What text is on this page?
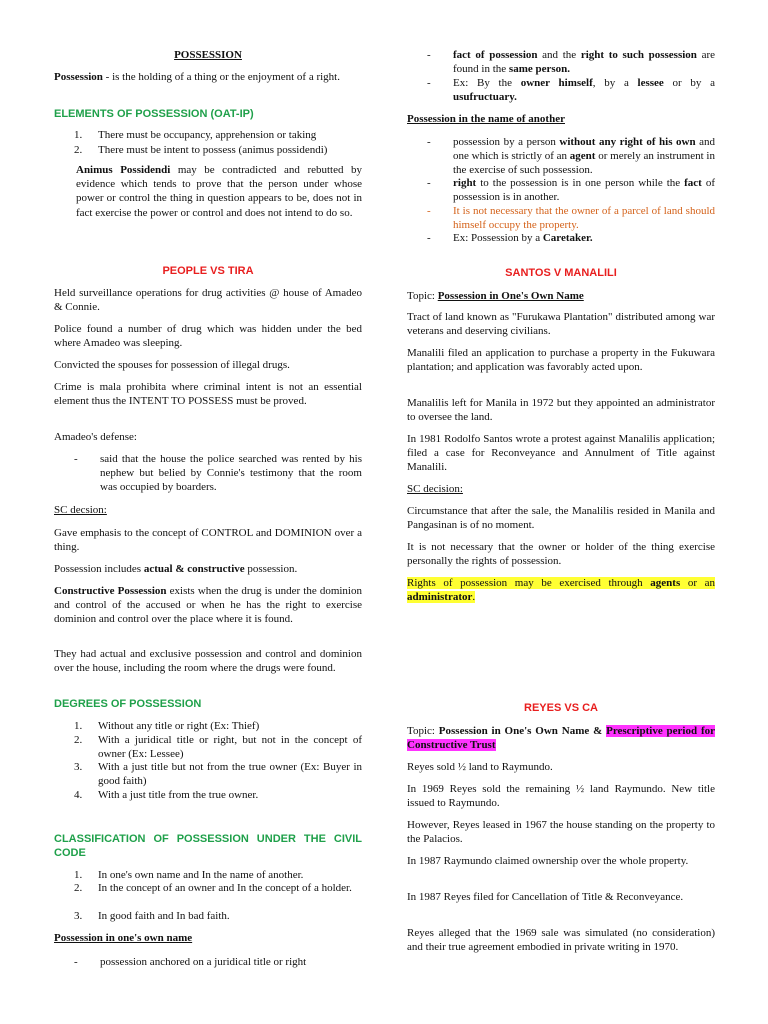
POSSESSION

Possession - is the holding of a thing or the enjoyment of a right.

ELEMENTS OF POSSESSION (OAT-IP)
1. There must be occupancy, apprehension or taking
2. There must be intent to possess (animus possidendi)

Animus Possidendi may be contradicted and rebutted by evidence which tends to prove that the person under whose power or control the thing in question appears to be, does not in fact exercise the power or control and does not intend to do so.

PEOPLE VS TIRA

Held surveillance operations for drug activities @ house of Amadeo & Connie.

Police found a number of drug which was hidden under the bed where Amadeo was sleeping.

Convicted the spouses for possession of illegal drugs.

Crime is mala prohibita where criminal intent is not an essential element thus the INTENT TO POSSESS must be proved.

Amadeo's defense:

- said that the house the police searched was rented by his nephew but belied by Connie's testimony that the room was occupied by boarders.
SC decsion:

Gave emphasis to the concept of CONTROL and DOMINION over a thing.

Possession includes actual & constructive possession.

Constructive Possession exists when the drug is under the dominion and control of the accused or when he has the right to exercise dominion and control over the place where it is found.

They had actual and exclusive possession and control and dominion over the house, including the room where the drugs were found.

DEGREES OF POSSESSION
1. Without any title or right (Ex: Thief)
2. With a juridical title or right, but not in the concept of owner (Ex: Lessee)
3. With a just title but not from the true owner (Ex: Buyer in good faith)
4. With a just title from the true owner.
CLASSIFICATION OF POSSESSION UNDER THE CIVIL CODE
1. In one's own name and In the name of another.
2. In the concept of an owner and In the concept of a holder.
3. In good faith and In bad faith.
Possession in one's own name
- possession anchored on a juridical title or right
- fact of possession and the right to such possession are found in the same person.
- Ex: By the owner himself, by a lessee or by a usufructuary.
Possession in the name of another
- possession by a person without any right of his own and one which is strictly of an agent or merely an instrument in the exercise of such possession.
- right to the possession is in one person while the fact of possession is in another.
- It is not necessary that the owner of a parcel of land should himself occupy the property.
- Ex: Possession by a Caretaker.
SANTOS V MANALILI

Topic: Possession in One's Own Name

Tract of land known as "Furukawa Plantation" distributed among war veterans and deserving civilians.

Manalili filed an application to purchase a property in the Fukuwara plantation; and application was favorably acted upon.

Manalilis left for Manila in 1972 but they appointed an administrator to oversee the land.

In 1981 Rodolfo Santos wrote a protest against Manalilis application; filed a case for Reconveyance and Annulment of Title against Manalili.

SC decision:

Circumstance that after the sale, the Manalilis resided in Manila and Pangasinan is of no moment.

It is not necessary that the owner or holder of the thing exercise personally the rights of possession.

Rights of possession may be exercised through agents or an administrator.

REYES VS CA

Topic: Possession in One's Own Name & Prescriptive period for Constructive Trust

Reyes sold ½ land to Raymundo.

In 1969 Reyes sold the remaining ½ land Raymundo. New title issued to Raymundo.

However, Reyes leased in 1967 the house standing on the property to the Palacios.

In 1987 Raymundo claimed ownership over the whole property.

In 1987 Reyes filed for Cancellation of Title & Reconveyance.

Reyes alleged that the 1969 sale was simulated (no consideration) and their true agreement embodied in private writing in 1970.
